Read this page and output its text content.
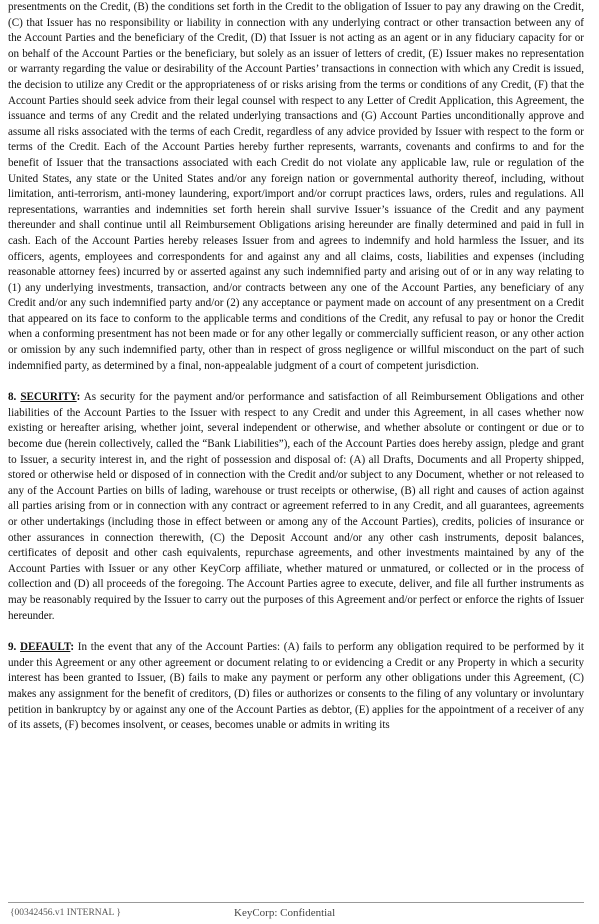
presentments on the Credit, (B) the conditions set forth in the Credit to the obligation of Issuer to pay any drawing on the Credit, (C) that Issuer has no responsibility or liability in connection with any underlying contract or other transaction between any of the Account Parties and the beneficiary of the Credit, (D) that Issuer is not acting as an agent or in any fiduciary capacity for or on behalf of the Account Parties or the beneficiary, but solely as an issuer of letters of credit, (E) Issuer makes no representation or warranty regarding the value or desirability of the Account Parties’ transactions in connection with which any Credit is issued, the decision to utilize any Credit or the appropriateness of or risks arising from the terms or conditions of any Credit, (F) that the Account Parties should seek advice from their legal counsel with respect to any Letter of Credit Application, this Agreement, the issuance and terms of any Credit and the related underlying transactions and (G) Account Parties unconditionally approve and assume all risks associated with the terms of each Credit, regardless of any advice provided by Issuer with respect to the form or terms of the Credit. Each of the Account Parties hereby further represents, warrants, covenants and confirms to and for the benefit of Issuer that the transactions associated with each Credit do not violate any applicable law, rule or regulation of the United States, any state or the United States and/or any foreign nation or governmental authority thereof, including, without limitation, anti-terrorism, anti-money laundering, export/import and/or corrupt practices laws, orders, rules and regulations. All representations, warranties and indemnities set forth herein shall survive Issuer’s issuance of the Credit and any payment thereunder and shall continue until all Reimbursement Obligations arising hereunder are finally determined and paid in full in cash. Each of the Account Parties hereby releases Issuer from and agrees to indemnify and hold harmless the Issuer, and its officers, agents, employees and correspondents for and against any and all claims, costs, liabilities and expenses (including reasonable attorney fees) incurred by or asserted against any such indemnified party and arising out of or in any way relating to (1) any underlying investments, transaction, and/or contracts between any one of the Account Parties, any beneficiary of any Credit and/or any such indemnified party and/or (2) any acceptance or payment made on account of any presentment on a Credit that appeared on its face to conform to the applicable terms and conditions of the Credit, any refusal to pay or honor the Credit when a conforming presentment has not been made or for any other legally or commercially sufficient reason, or any other action or omission by any such indemnified party, other than in respect of gross negligence or willful misconduct on the part of such indemnified party, as determined by a final, non-appealable judgment of a court of competent jurisdiction.

8. SECURITY: As security for the payment and/or performance and satisfaction of all Reimbursement Obligations and other liabilities of the Account Parties to the Issuer with respect to any Credit and under this Agreement, in all cases whether now existing or hereafter arising, whether joint, several independent or otherwise, and whether absolute or contingent or due or to become due (herein collectively, called the “Bank Liabilities”), each of the Account Parties does hereby assign, pledge and grant to Issuer, a security interest in, and the right of possession and disposal of: (A) all Drafts, Documents and all Property shipped, stored or otherwise held or disposed of in connection with the Credit and/or subject to any Document, whether or not released to any of the Account Parties on bills of lading, warehouse or trust receipts or otherwise, (B) all right and causes of action against all parties arising from or in connection with any contract or agreement referred to in any Credit, and all guarantees, agreements or other undertakings (including those in effect between or among any of the Account Parties), credits, policies of insurance or other assurances in connection therewith, (C) the Deposit Account and/or any other cash instruments, deposit balances, certificates of deposit and other cash equivalents, repurchase agreements, and other investments maintained by any of the Account Parties with Issuer or any other KeyCorp affiliate, whether matured or unmatured, or collected or in the process of collection and (D) all proceeds of the foregoing. The Account Parties agree to execute, deliver, and file all further instruments as may be reasonably required by the Issuer to carry out the purposes of this Agreement and/or perfect or enforce the rights of Issuer hereunder.

9. DEFAULT: In the event that any of the Account Parties: (A) fails to perform any obligation required to be performed by it under this Agreement or any other agreement or document relating to or evidencing a Credit or any Property in which a security interest has been granted to Issuer, (B) fails to make any payment or perform any other obligations under this Agreement, (C) makes any assignment for the benefit of creditors, (D) files or authorizes or consents to the filing of any voluntary or involuntary petition in bankruptcy by or against any one of the Account Parties as debtor, (E) applies for the appointment of a receiver of any of its assets, (F) becomes insolvent, or ceases, becomes unable or admits in writing its

{00342456.v1 INTERNAL }	KeyCorp: Confidential
